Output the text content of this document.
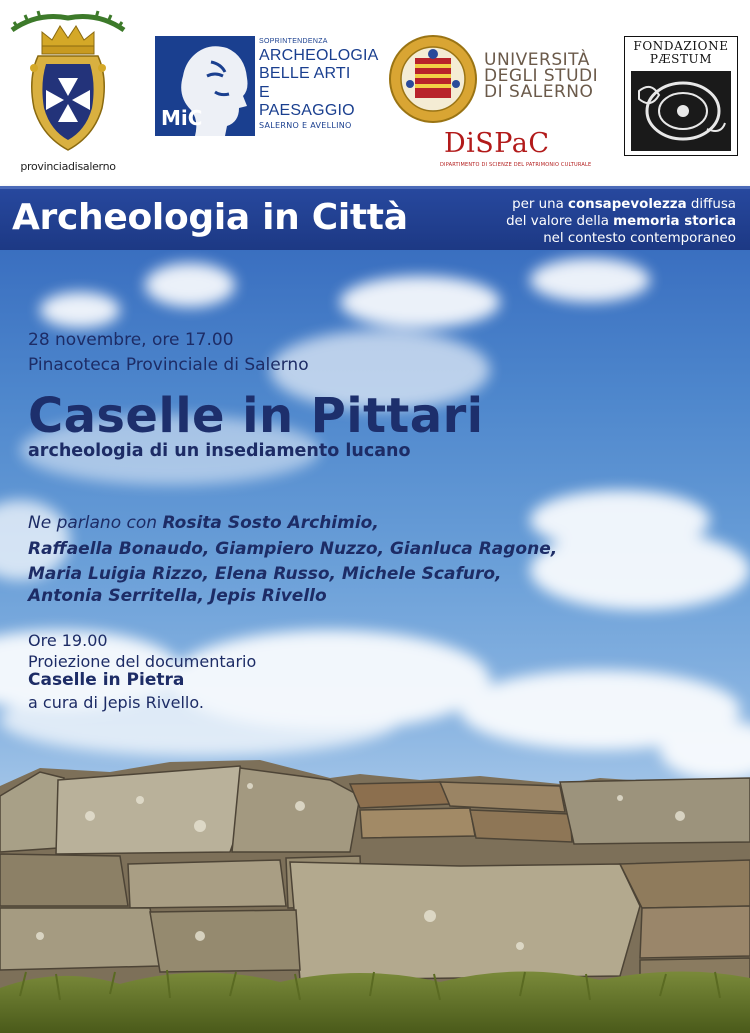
provinciadisalerno
MiC
SOPRINTENDENZA
ARCHEOLOGIA
BELLE ARTI
E PAESAGGIO
SALERNO E AVELLINO
UNIVERSITÀ
DEGLI STUDI
DI SALERNO
DiSPaC
DIPARTIMENTO DI SCIENZE DEL PATRIMONIO CULTURALE
FONDAZIONE
PÆSTUM
Archeologia in Città	per una consapevolezza diffusa
del valore della memoria storica
nel contesto contemporaneo
28 novembre, ore 17.00
Pinacoteca Provinciale di Salerno
Caselle in Pittari
archeologia di un insediamento lucano
Ne parlano con Rosita Sosto Archimio,
Raffaella Bonaudo, Giampiero Nuzzo, Gianluca Ragone,
Maria Luigia Rizzo, Elena Russo, Michele Scafuro,
Antonia Serritella, Jepis Rivello
Ore 19.00
Proiezione del documentario
Caselle in Pietra
a cura di Jepis Rivello.
